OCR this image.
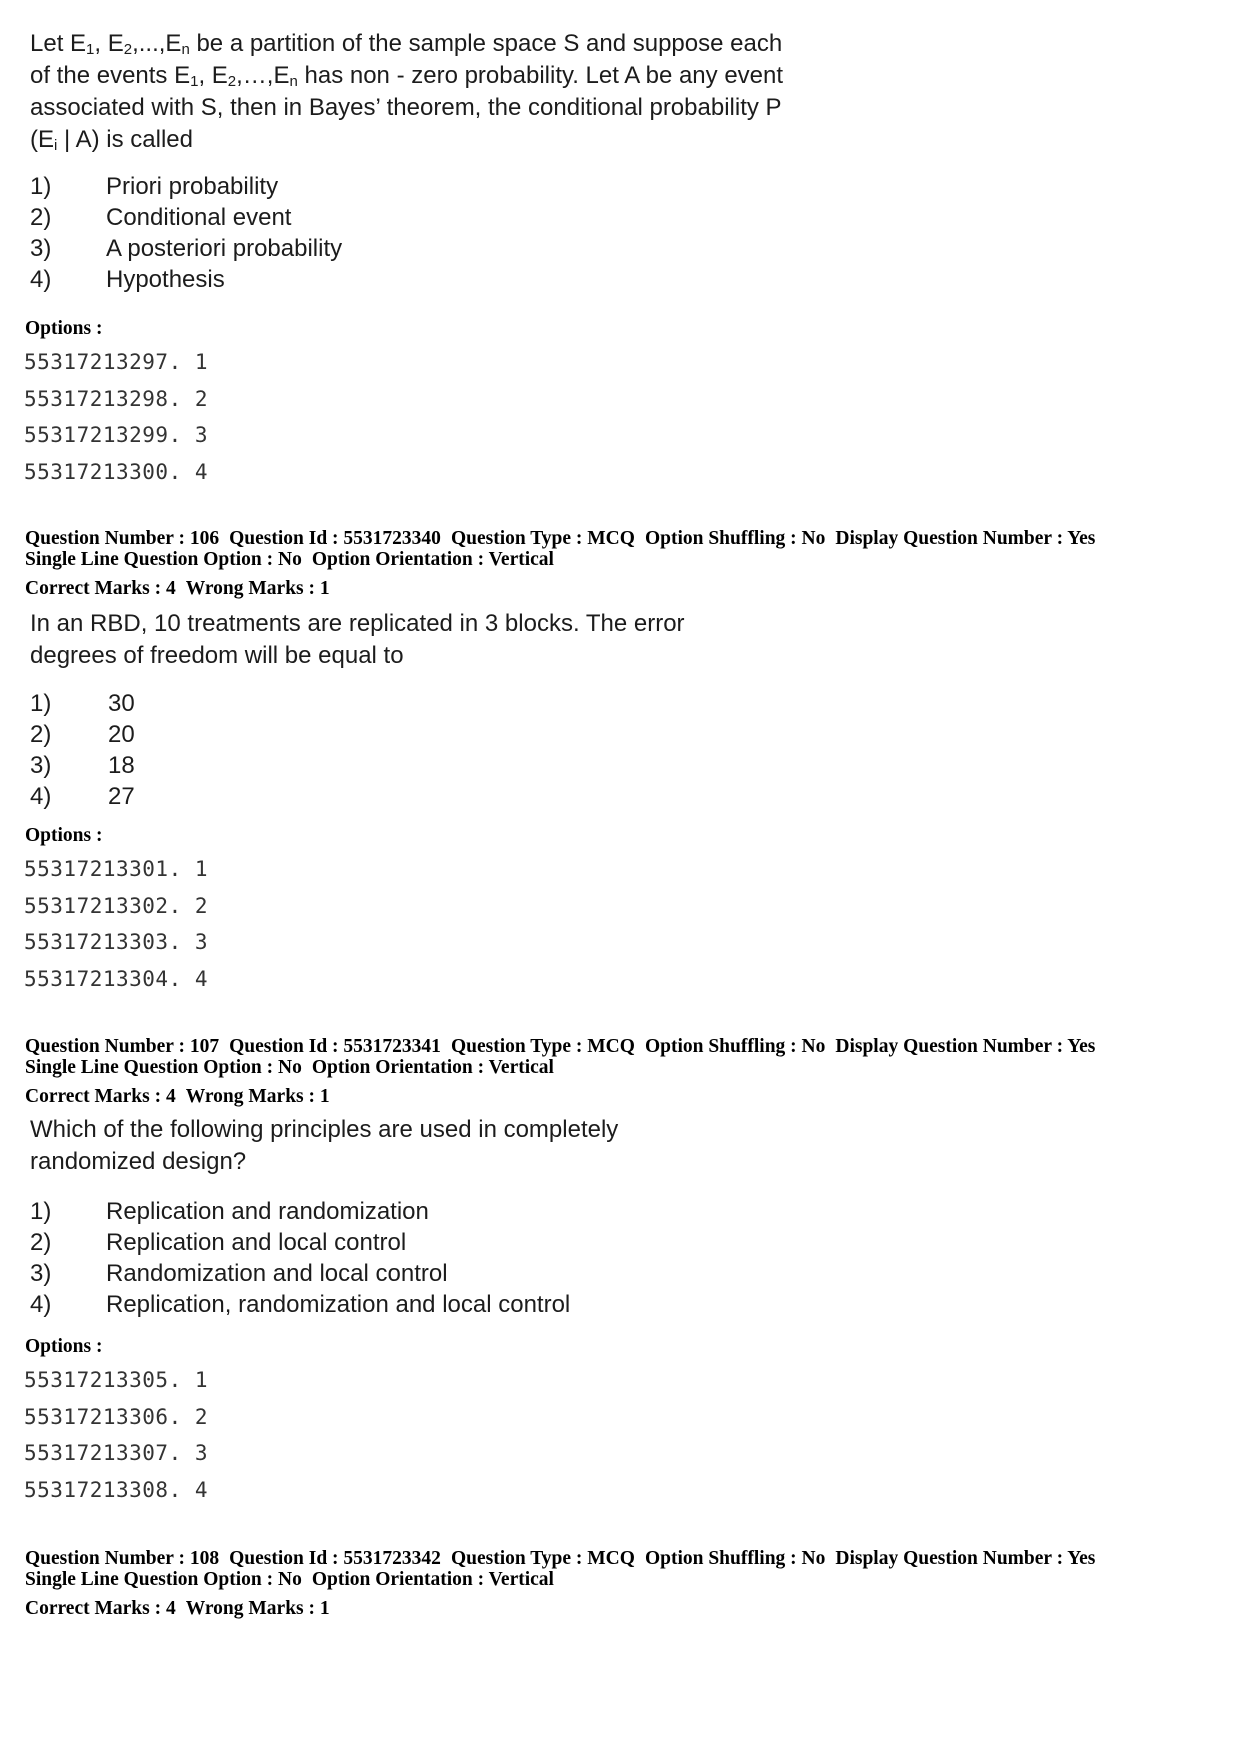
Let $E_1$, $E_2,...,E_n$ be a partition of the sample space S and suppose each of the events $E_1$, $E_2,\dots,E_n$ has non - zero probability. Let A be any event associated with S, then in Bayes’ theorem, the conditional probability P ($E_i$ | A) is called
1) Priori probability
2) Conditional event
3) A posteriori probability
4) Hypothesis
Options :
55317213297. 1
55317213298. 2
55317213299. 3
55317213300. 4
Question Number : 106 Question Id : 5531723340 Question Type : MCQ Option Shuffling : No Display Question Number : Yes
Single Line Question Option : No Option Orientation : Vertical
Correct Marks : 4 Wrong Marks : 1
In an RBD, 10 treatments are replicated in 3 blocks. The error
degrees of freedom will be equal to
1) 30
2) 20
3) 18
4) 27
Options :
55317213301. 1
55317213302. 2
55317213303. 3
55317213304. 4
Question Number : 107 Question Id : 5531723341 Question Type : MCQ Option Shuffling : No Display Question Number : Yes
Single Line Question Option : No Option Orientation : Vertical
Correct Marks : 4 Wrong Marks : 1
Which of the following principles are used in completely
randomized design?
1) Replication and randomization
2) Replication and local control
3) Randomization and local control
4) Replication, randomization and local control
Options :
55317213305. 1
55317213306. 2
55317213307. 3
55317213308. 4
Question Number : 108 Question Id : 5531723342 Question Type : MCQ Option Shuffling : No Display Question Number : Yes
Single Line Question Option : No Option Orientation : Vertical
Correct Marks : 4 Wrong Marks : 1
